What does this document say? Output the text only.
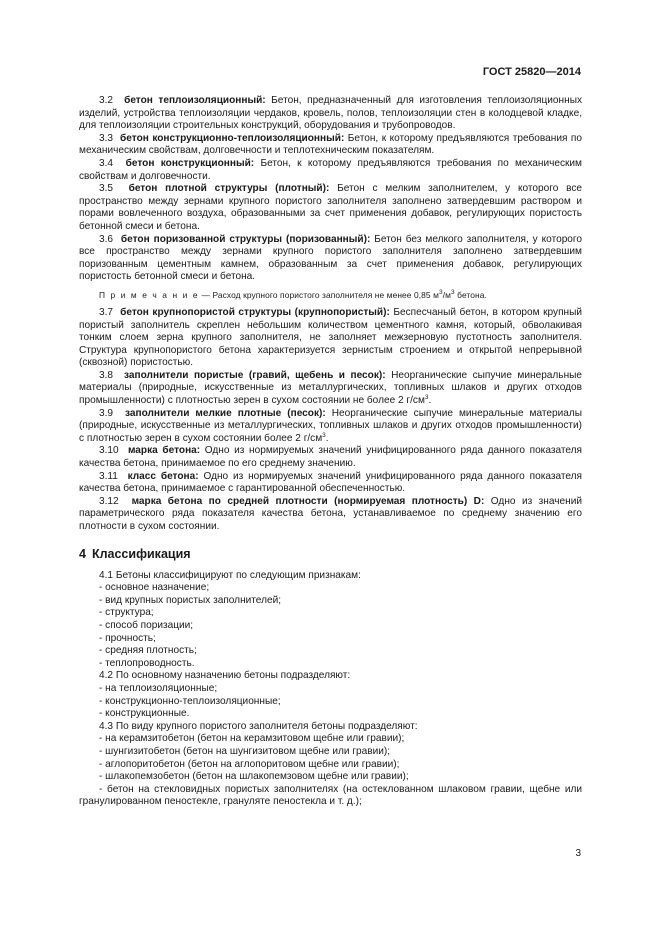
ГОСТ 25820—2014

3.2 бетон теплоизоляционный: Бетон, предназначенный для изготовления теплоизоляционных изделий, устройства теплоизоляции чердаков, кровель, полов, теплоизоляции стен в колодцевой кладке, для теплоизоляции строительных конструкций, оборудования и трубопроводов.

3.3 бетон конструкционно-теплоизоляционный: Бетон, к которому предъявляются требования по механическим свойствам, долговечности и теплотехническим показателям.

3.4 бетон конструкционный: Бетон, к которому предъявляются требования по механическим свойствам и долговечности.

3.5 бетон плотной структуры (плотный): Бетон с мелким заполнителем, у которого все пространство между зернами крупного пористого заполнителя заполнено затвердевшим раствором и порами вовлеченного воздуха, образованными за счет применения добавок, регулирующих пористость бетонной смеси и бетона.

3.6 бетон поризованной структуры (поризованный): Бетон без мелкого заполнителя, у которого все пространство между зернами крупного пористого заполнителя заполнено затвердевшим поризованным цементным камнем, образованным за счет применения добавок, регулирующих пористость бетонной смеси и бетона.

П р и м е ч а н и е — Расход крупного пористого заполнителя не менее 0,85 $м^3/м^3$ бетона.

3.7 бетон крупнопористой структуры (крупнопористый): Беспесчаный бетон, в котором крупный пористый заполнитель скреплен небольшим количеством цементного камня, который, обволакивая тонким слоем зерна крупного заполнителя, не заполняет межзерновую пустотность заполнителя. Структура крупнопористого бетона характеризуется зернистым строением и открытой непрерывной (сквозной) пористостью.

3.8 заполнители пористые (гравий, щебень и песок): Неорганические сыпучие минеральные материалы (природные, искусственные из металлургических, топливных шлаков и других отходов промышленности) с плотностью зерен в сухом состоянии не более 2 $г/см^3$.

3.9 заполнители мелкие плотные (песок): Неорганические сыпучие минеральные материалы (природные, искусственные из металлургических, топливных шлаков и других отходов промышленности) с плотностью зерен в сухом состоянии более 2 $г/см^3$.

3.10 марка бетона: Одно из нормируемых значений унифицированного ряда данного показателя качества бетона, принимаемое по его среднему значению.

3.11 класс бетона: Одно из нормируемых значений унифицированного ряда данного показателя качества бетона, принимаемое с гарантированной обеспеченностью.

3.12 марка бетона по средней плотности (нормируемая плотность) D: Одно из значений параметрического ряда показателя качества бетона, устанавливаемое по среднему значению его плотности в сухом состоянии.

4 Классификация

4.1 Бетоны классифицируют по следующим признакам:

- основное назначение;

- вид крупных пористых заполнителей;

- структура;

- способ поризации;

- прочность;

- средняя плотность;

- теплопроводность.

4.2 По основному назначению бетоны подразделяют:

- на теплоизоляционные;

- конструкционно-теплоизоляционные;

- конструкционные.

4.3 По виду крупного пористого заполнителя бетоны подразделяют:

- на керамзитобетон (бетон на керамзитовом щебне или гравии);

- шунгизитобетон (бетон на шунгизитовом щебне или гравии);

- аглопоритобетон (бетон на аглопоритовом щебне или гравии);

- шлакопемзобетон (бетон на шлакопемзовом щебне или гравии);

- бетон на стекловидных пористых заполнителях (на остеклованном шлаковом гравии, щебне или гранулированном пеностекле, грануляте пеностекла и т. д.);

3
